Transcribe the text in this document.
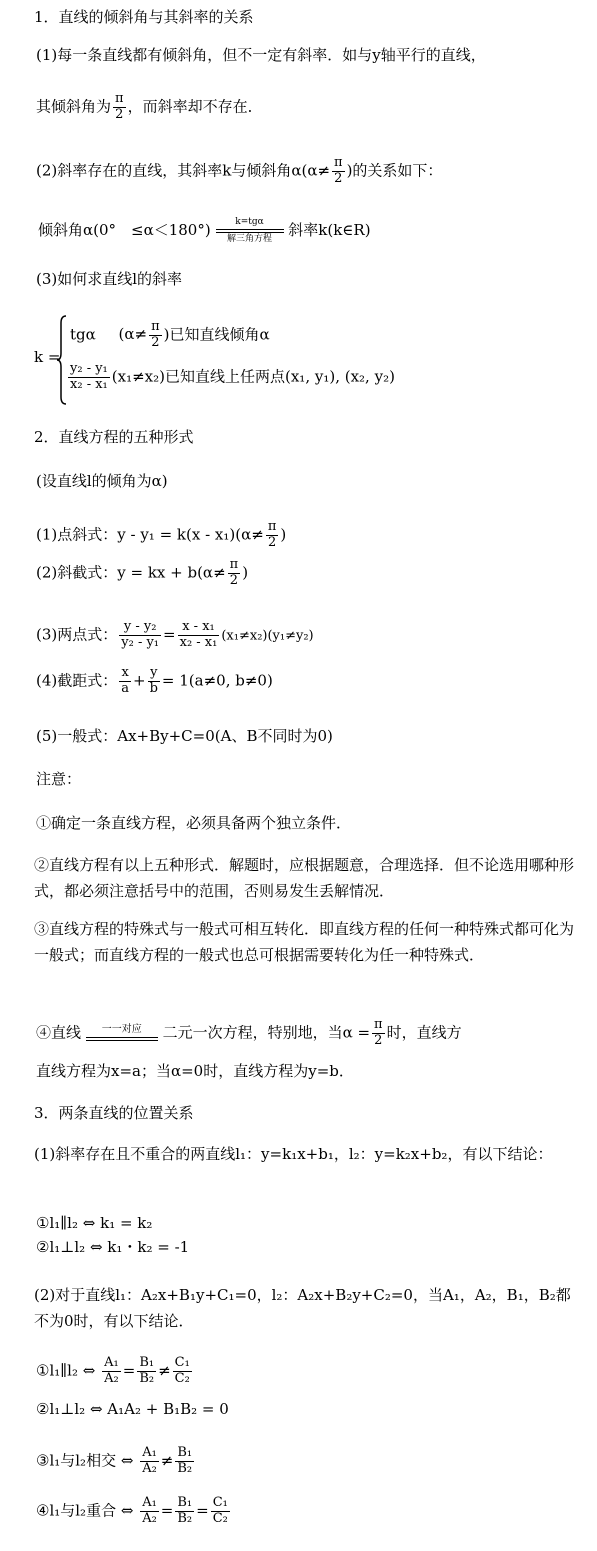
1．直线的倾斜角与其斜率的关系
(1)每一条直线都有倾斜角，但不一定有斜率．如与y轴平行的直线，
其倾斜角为 $\frac{\pi}{2}$ ，而斜率却不存在．
(2)斜率存在的直线，其斜率k与倾斜角$\alpha(\alpha\ne \frac{\pi}{2}$ )的关系如下：
倾斜角α(0°　≤α＜180°)	k=tgα
解三角方程	斜率k(k∈R)
(3)如何求直线l的斜率
k =
tgα ($\alpha\ne \frac{\pi}{2}$ )已知直线倾角α
$\frac{\text{y₂ - y₁}}{\text{x₂ - x₁}} (x_1\ne x_2)$已知直线上任两点(x₁, y₁), (x₂, y₂)
2．直线方程的五种形式
(设直线l的倾角为α)
(1)点斜式：$y - y_1 = k(x - x_1)(\alpha\ne \frac{\pi}{2}$ )
(2)斜截式：y = kx + $b(\alpha\ne \frac{\pi}{2}$ )
(3)两点式： $\frac{\text{y - y₂}}{\text{y₂ - y₁}} = \frac{\text{x - x₁}}{\text{x₂ - x₁}} (x_1\ne x_2)(y_1\ne y_2)$
(4)截距式： $\frac{x}{a} + \frac{y}{b} = 1(a\ne 0$, b≠0)
(5)一般式：Ax+By+C=0(A、B不同时为0)
注意：
①确定一条直线方程，必须具备两个独立条件．
②直线方程有以上五种形式．解题时，应根据题意，合理选择．但不论选用哪种形式，都必须注意括号中的范围，否则易发生丢解情况．
③直线方程的特殊式与一般式可相互转化．即直线方程的任何一种特殊式都可化为一般式；而直线方程的一般式也总可根据需要转化为任一种特殊式．
④直线	一一对应	二元一次方程，特别地，当$\alpha = \frac{\pi}{2}$ 时，直线方
直线方程为x=a；当α=0时，直线方程为y=b．
3．两条直线的位置关系
(1)斜率存在且不重合的两直线l₁：y=k₁x+b₁，l₂：y=k₂x+b₂，有以下结论：
①l₁∥l₂ ⇔ k₁ = k₂
②l₁⊥l₂ ⇔ k₁・k₂ = -1
(2)对于直线l₁：A₂x+B₁y+C₁=0，l₂：A₂x+B₂y+C₂=0，当A₁，A₂，B₁，B₂都不为0时，有以下结论．
①l₁∥l₂ ⇔ $\frac{\text{A₁}}{\text{A₂}} = \frac{\text{B₁}}{\text{B₂}} \ne \frac{\text{C₁}}{\text{C₂}}$
②l₁⊥l₂ ⇔ A₁A₂ + B₁B₂ = 0
③l₁与l₂相交 ⇔ $\frac{\text{A₁}}{\text{A₂}} \ne \frac{\text{B₁}}{\text{B₂}}$
④l₁与l₂重合 ⇔ $\frac{\text{A₁}}{\text{A₂}} = \frac{\text{B₁}}{\text{B₂}} = \frac{\text{C₁}}{\text{C₂}}$
